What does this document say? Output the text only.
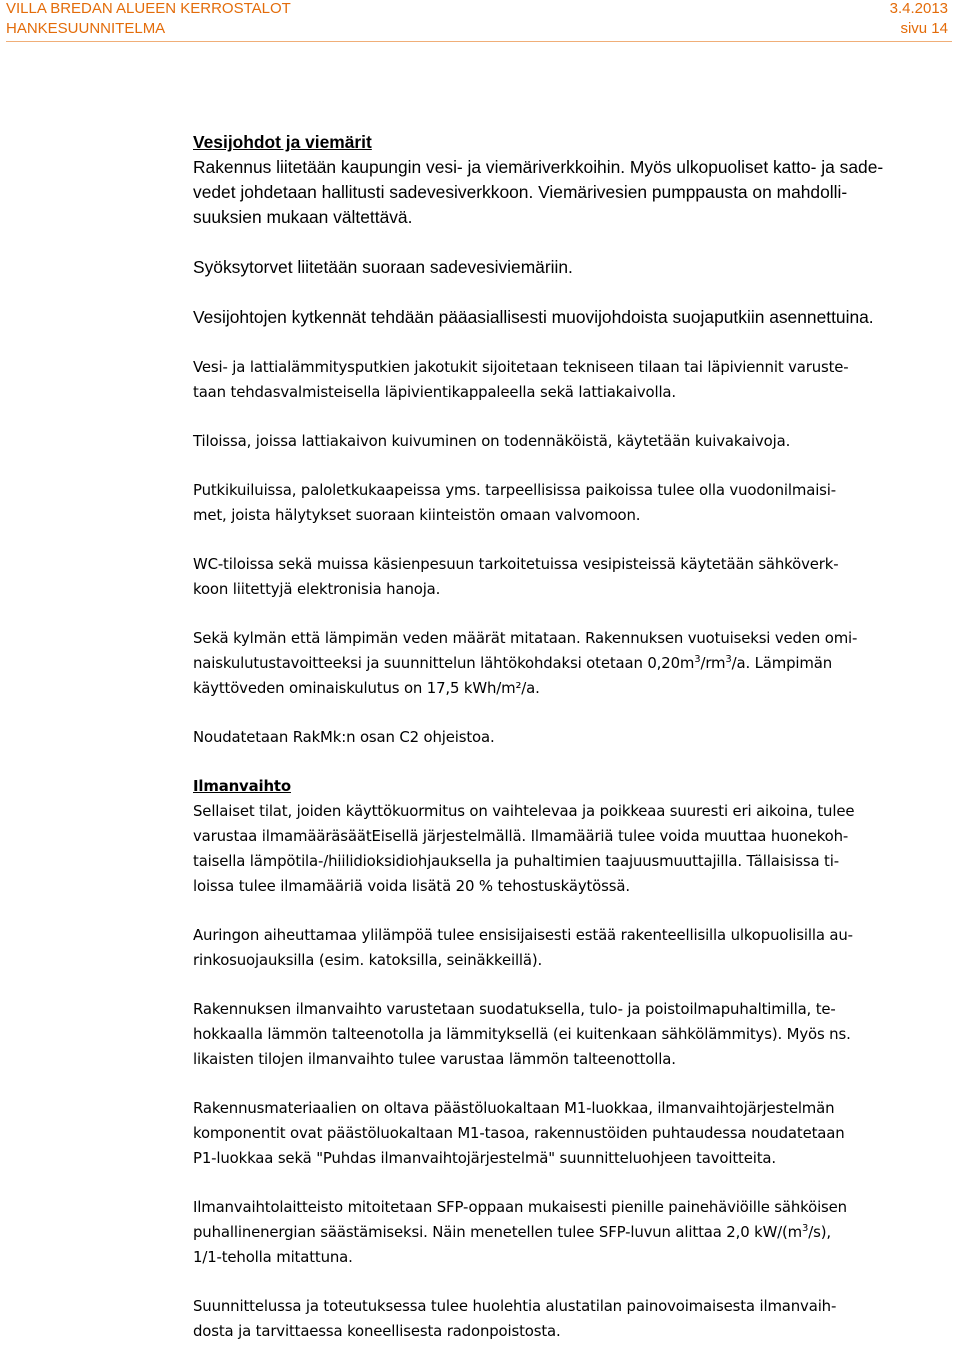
VILLA BREDAN ALUEEN KERROSTALOT	3.4.2013
HANKESUUNNITELMA	sivu 14
Vesijohdot ja viemärit
Rakennus liitetään kaupungin vesi- ja viemäriverkkoihin. Myös ulkopuoliset katto- ja sade-
vedet johdetaan hallitusti sadevesiverkkoon. Viemärivesien pumppausta on mahdolli-
suuksien mukaan vältettävä.
Syöksytorvet liitetään suoraan sadevesiviemäriin.
Vesijohtojen kytkennät tehdään pääasiallisesti muovijohdoista suojaputkiin asennettuina.
Vesi- ja lattialämmitysputkien jakotukit sijoitetaan tekniseen tilaan tai läpiviennit varuste-
taan tehdasvalmisteisella läpivientikappaleella sekä lattiakaivolla.
Tiloissa, joissa lattiakaivon kuivuminen on todennäköistä, käytetään kuivakaivoja.
Putkikuiluissa, paloletkukaapeissa yms. tarpeellisissa paikoissa tulee olla vuodonilmaisi-
met, joista hälytykset suoraan kiinteistön omaan valvomoon.
WC-tiloissa sekä muissa käsienpesuun tarkoitetuissa vesipisteissä käytetään sähköverk-
koon liitettyjä elektronisia hanoja.
Sekä kylmän että lämpimän veden määrät mitataan. Rakennuksen vuotuiseksi veden omi-
naiskulutustavoitteeksi ja suunnittelun lähtökohdaksi otetaan $0,20m^3/rm^3/a$. Lämpimän
käyttöveden ominaiskulutus on 17,5 kWh/m²/a.
Noudatetaan RakMk:n osan C2 ohjeistoa.
Ilmanvaihto
Sellaiset tilat, joiden käyttökuormitus on vaihtelevaa ja poikkeaa suuresti eri aikoina, tulee
varustaa ilmamääräsäätEisellä järjestelmällä. Ilmamääriä tulee voida muuttaa huonekoh-
taisella lämpötila-/hiilidioksidiohjauksella ja puhaltimien taajuusmuuttajilla. Tällaisissa ti-
loissa tulee ilmamääriä voida lisätä 20 % tehostuskäytössä.
Auringon aiheuttamaa ylilämpöä tulee ensisijaisesti estää rakenteellisilla ulkopuolisilla au-
rinkosuojauksilla (esim. katoksilla, seinäkkeillä).
Rakennuksen ilmanvaihto varustetaan suodatuksella, tulo- ja poistoilmapuhaltimilla, te-
hokkaalla lämmön talteenotolla ja lämmityksellä (ei kuitenkaan sähkölämmitys). Myös ns.
likaisten tilojen ilmanvaihto tulee varustaa lämmön talteenottolla.
Rakennusmateriaalien on oltava päästöluokaltaan M1-luokkaa, ilmanvaihtojärjestelmän
komponentit ovat päästöluokaltaan M1-tasoa, rakennustöiden puhtaudessa noudatetaan
P1-luokkaa sekä "Puhdas ilmanvaihtojärjestelmä" suunnitteluohjeen tavoitteita.
Ilmanvaihtolaitteisto mitoitetaan SFP-oppaan mukaisesti pienille painehäviöille sähköisen
puhallinenergian säästämiseksi. Näin menetellen tulee SFP-luvun alittaa 2,0 $kW/(m^3/s)$,
1/1-teholla mitattuna.
Suunnittelussa ja toteutuksessa tulee huolehtia alustatilan painovoimaisesta ilmanvaih-
dosta ja tarvittaessa koneellisesta radonpoistosta.
